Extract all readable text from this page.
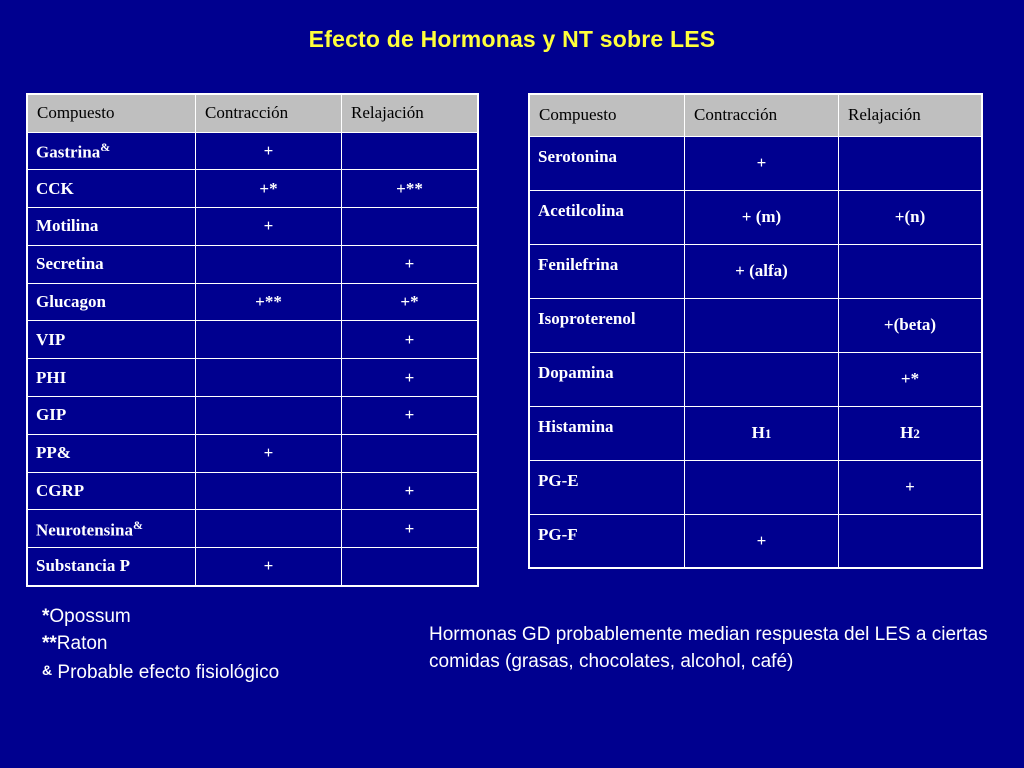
Efecto de Hormonas y NT sobre LES
Compuesto	Contracción	Relajación
Gastrina&	+	
CCK	+*	+**
Motilina	+	
Secretina		+
Glucagon	+**	+*
VIP		+
PHI		+
GIP		+
PP&	+	
CGRP		+
Neurotensina&		+
Substancia P	+	
Compuesto	Contracción	Relajación
Serotonina	+	
Acetilcolina	+ (m)	+(n)
Fenilefrina	+ (alfa)	
Isoproterenol		+(beta)
Dopamina		+*
Histamina	H1	H2
PG-E		+
PG-F	+	
*Opossum
**Raton
& Probable efecto fisiológico
Hormonas GD probablemente median respuesta del LES a ciertas comidas (grasas, chocolates, alcohol, café)
